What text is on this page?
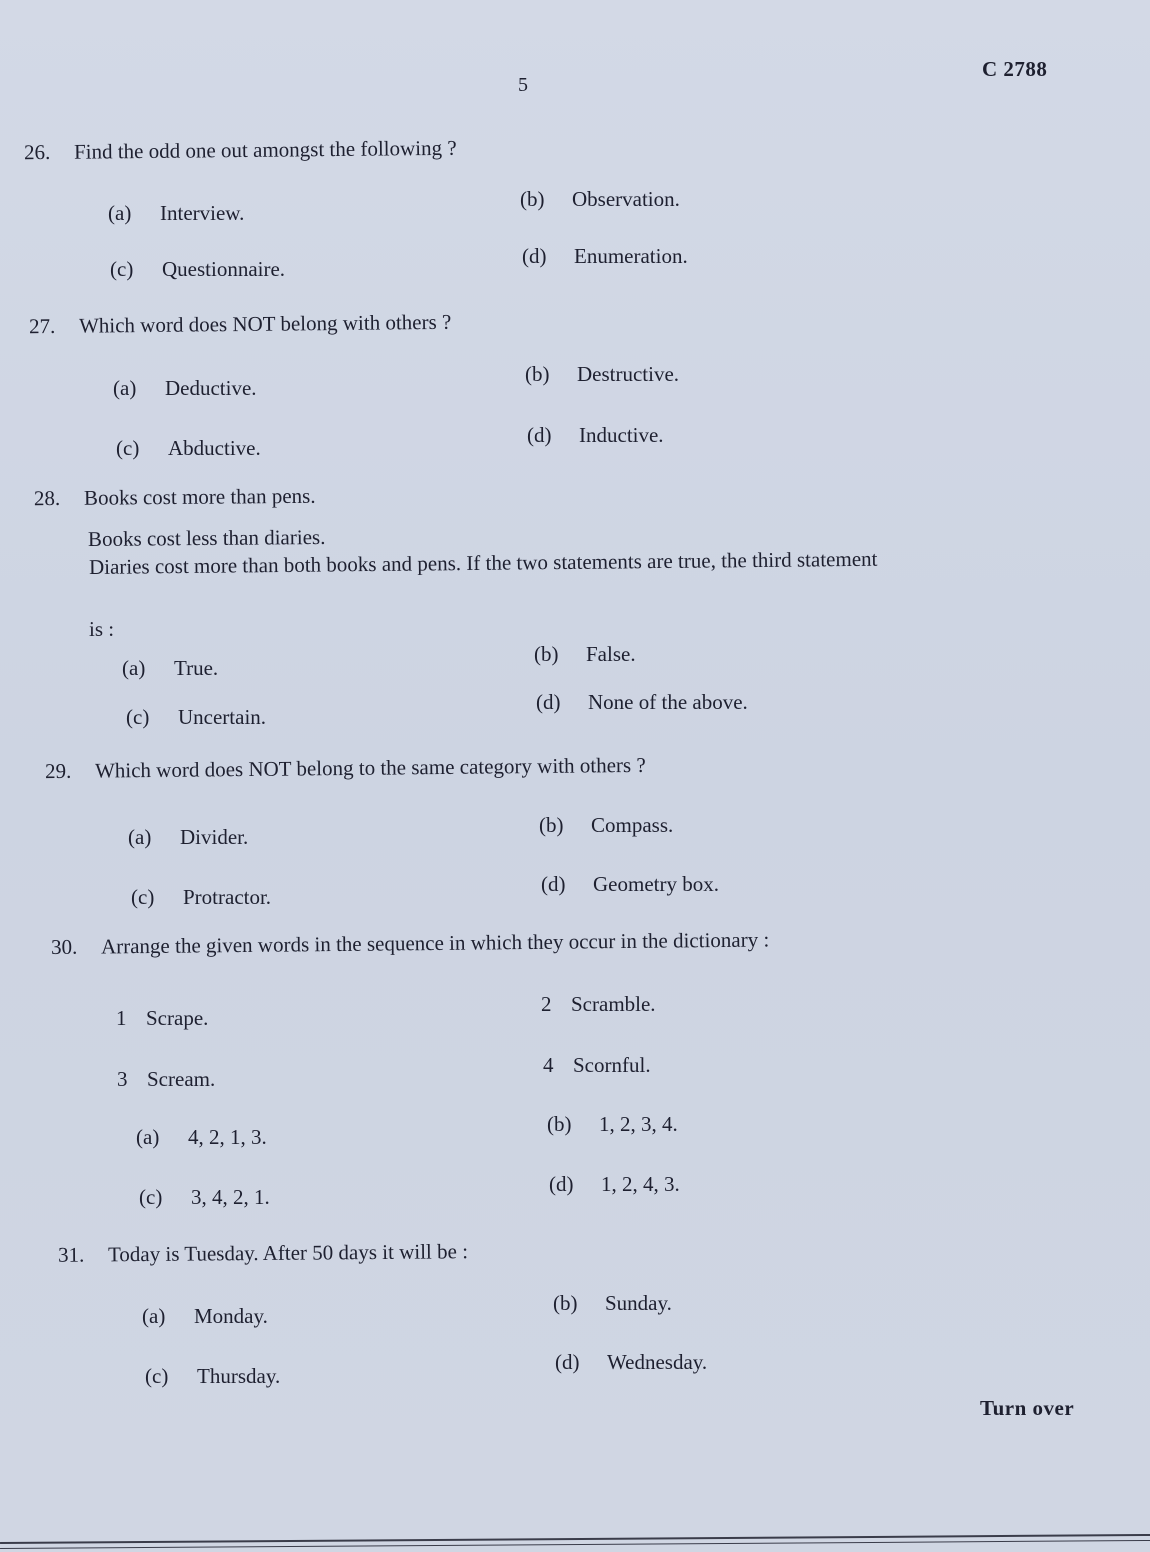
5
C 2788
26. Find the odd one out amongst the following ?
(a) Interview.
(b) Observation.
(c) Questionnaire.
(d) Enumeration.
27. Which word does NOT belong with others ?
(a) Deductive.
(b) Destructive.
(c) Abductive.
(d) Inductive.
28. Books cost more than pens.
Books cost less than diaries.
Diaries cost more than both books and pens. If the two statements are true, the third statement
is :
(a) True.
(b) False.
(c) Uncertain.
(d) None of the above.
29. Which word does NOT belong to the same category with others ?
(a) Divider.	(b) Compass.
(c) Protractor.
(d) Geometry box.
30. Arrange the given words in the sequence in which they occur in the dictionary :
1 Scrape.
2 Scramble.
3 Scream.
4 Scornful.
(a) 4, 2, 1, 3.
(b) 1, 2, 3, 4.
(c) 3, 4, 2, 1.
(d) 1, 2, 4, 3.
31. Today is Tuesday. After 50 days it will be :
(a) Monday.
(b) Sunday.
(c) Thursday.
(d) Wednesday.
Turn over
